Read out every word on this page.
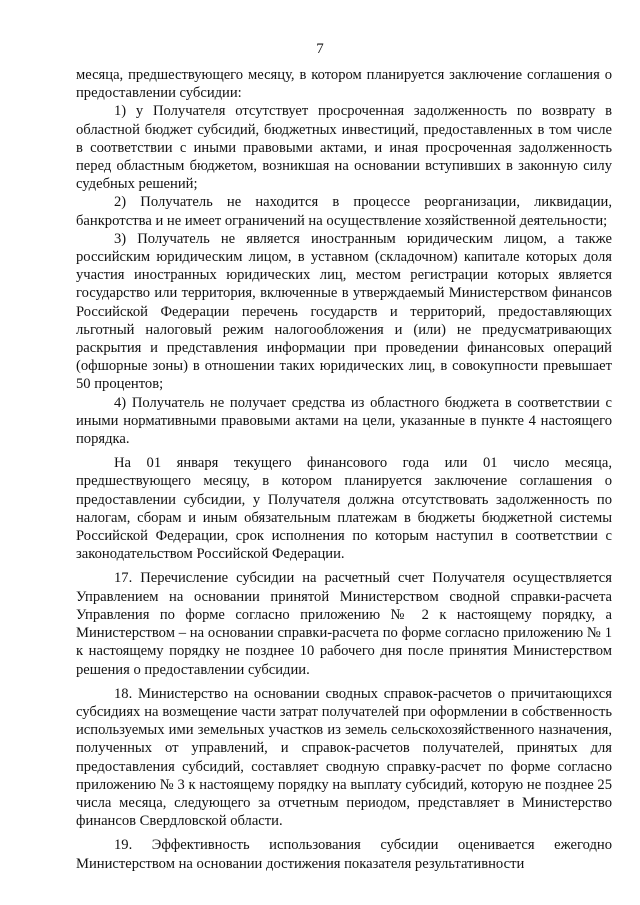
7

месяца, предшествующего месяцу, в котором планируется заключение соглашения о предоставлении субсидии:

1) у Получателя отсутствует просроченная задолженность по возврату в областной бюджет субсидий, бюджетных инвестиций, предоставленных в том числе в соответствии с иными правовыми актами, и иная просроченная задолженность перед областным бюджетом, возникшая на основании вступивших в законную силу судебных решений;

2) Получатель не находится в процессе реорганизации, ликвидации, банкротства и не имеет ограничений на осуществление хозяйственной деятельности;

3) Получатель не является иностранным юридическим лицом, а также российским юридическим лицом, в уставном (складочном) капитале которых доля участия иностранных юридических лиц, местом регистрации которых является государство или территория, включенные в утверждаемый Министерством финансов Российской Федерации перечень государств и территорий, предоставляющих льготный налоговый режим налогообложения и (или) не предусматривающих раскрытия и представления информации при проведении финансовых операций (офшорные зоны) в отношении таких юридических лиц, в совокупности превышает 50 процентов;

4) Получатель не получает средства из областного бюджета в соответствии с иными нормативными правовыми актами на цели, указанные в пункте 4 настоящего порядка.

На 01 января текущего финансового года или 01 число месяца, предшествующего месяцу, в котором планируется заключение соглашения о предоставлении субсидии, у Получателя должна отсутствовать задолженность по налогам, сборам и иным обязательным платежам в бюджеты бюджетной системы Российской Федерации, срок исполнения по которым наступил в соответствии с законодательством Российской Федерации.

17. Перечисление субсидии на расчетный счет Получателя осуществляется Управлением на основании принятой Министерством сводной справки-расчета Управления по форме согласно приложению № 2 к настоящему порядку, а Министерством – на основании справки-расчета по форме согласно приложению № 1 к настоящему порядку не позднее 10 рабочего дня после принятия Министерством решения о предоставлении субсидии.

18. Министерство на основании сводных справок-расчетов о причитающихся субсидиях на возмещение части затрат получателей при оформлении в собственность используемых ими земельных участков из земель сельскохозяйственного назначения, полученных от управлений, и справок-расчетов получателей, принятых для предоставления субсидий, составляет сводную справку-расчет по форме согласно приложению № 3 к настоящему порядку на выплату субсидий, которую не позднее 25 числа месяца, следующего за отчетным периодом, представляет в Министерство финансов Свердловской области.

19. Эффективность использования субсидии оценивается ежегодно Министерством на основании достижения показателя результативности
